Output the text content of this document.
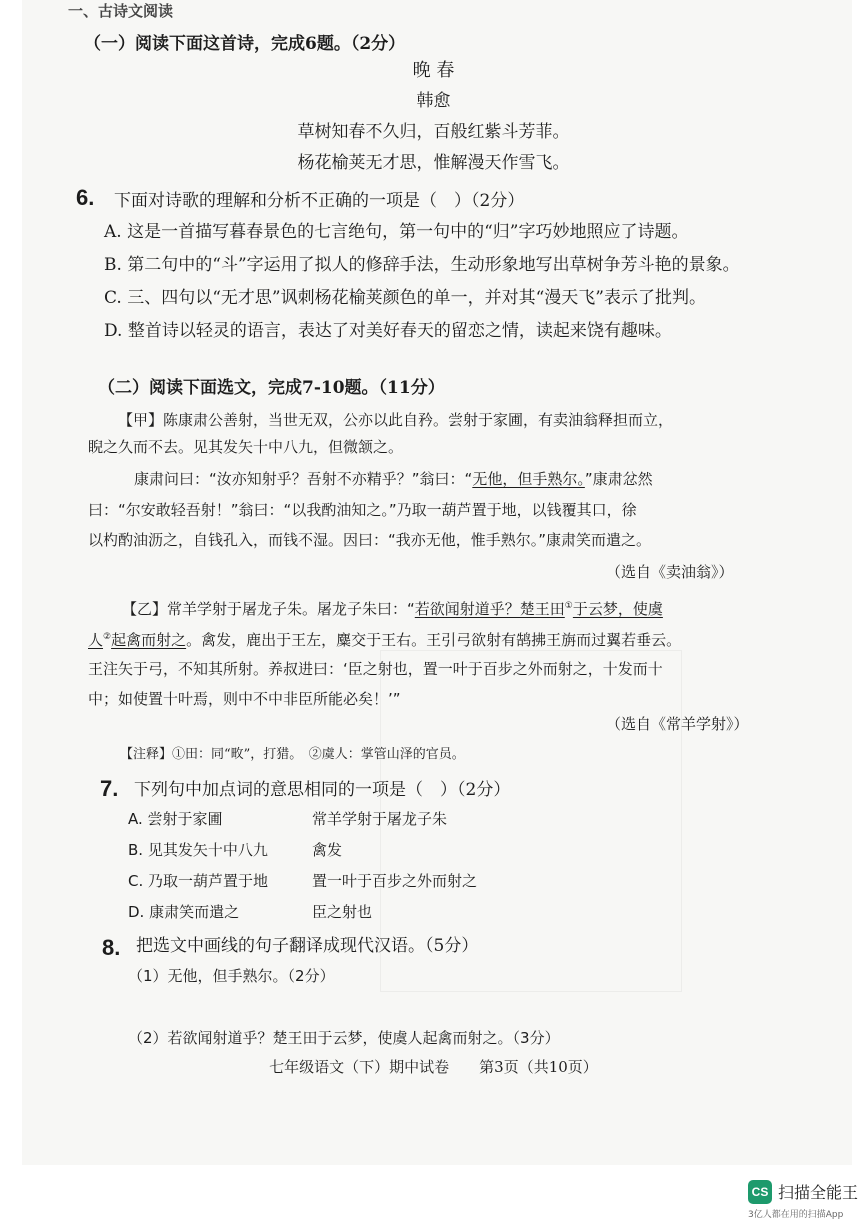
一、古诗文阅读
（一）阅读下面这首诗，完成6题。（2分）
晚 春
韩愈
草树知春不久归，百般红紫斗芳菲。
杨花榆荚无才思，惟解漫天作雪飞。
6. 下面对诗歌的理解和分析不正确的一项是（　）（2分）
A. 这是一首描写暮春景色的七言绝句，第一句中的“归”字巧妙地照应了诗题。
B. 第二句中的“斗”字运用了拟人的修辞手法，生动形象地写出草树争芳斗艳的景象。
C. 三、四句以“无才思”讽刺杨花榆荚颜色的单一，并对其“漫天飞”表示了批判。
D. 整首诗以轻灵的语言，表达了对美好春天的留恋之情，读起来饶有趣味。
（二）阅读下面选文，完成7-10题。（11分）
【甲】陈康肃公善射，当世无双，公亦以此自矜。尝射于家圃，有卖油翁释担而立，
睨之久而不去。见其发矢十中八九，但微颔之。
康肃问曰：“汝亦知射乎？吾射不亦精乎？”翁曰：“无他，但手熟尔。”康肃忿然
曰：“尔安敢轻吾射！”翁曰：“以我酌油知之。”乃取一葫芦置于地，以钱覆其口，徐
以杓酌油沥之，自钱孔入，而钱不湿。因曰：“我亦无他，惟手熟尔。”康肃笑而遣之。
（选自《卖油翁》）
【乙】常羊学射于屠龙子朱。屠龙子朱曰：“若欲闻射道乎？楚王田①于云梦，使虞
人②起禽而射之。禽发，鹿出于王左，麋交于王右。王引弓欲射有鹄拂王旃而过翼若垂云。
王注矢于弓，不知其所射。养叔进曰：‘臣之射也，置一叶于百步之外而射之，十发而十
中；如使置十叶焉，则中不中非臣所能必矣！’”
（选自《常羊学射》）
【注释】①田：同“畋”，打猎。　②虞人：掌管山泽的官员。
7. 下列句中加点词的意思相同的一项是（　）（2分）
A. 尝射于家圃	常羊学射于屠龙子朱
B. 见其发矢十中八九	禽发
C. 乃取一葫芦置于地	置一叶于百步之外而射之
D. 康肃笑而遣之	臣之射也
8. 把选文中画线的句子翻译成现代汉语。（5分）
（1）无他，但手熟尔。（2分）
（2）若欲闻射道乎？楚王田于云梦，使虞人起禽而射之。（3分）
七年级语文（下）期中试卷　　第3页（共10页）
CS 扫描全能王
3亿人都在用的扫描App
